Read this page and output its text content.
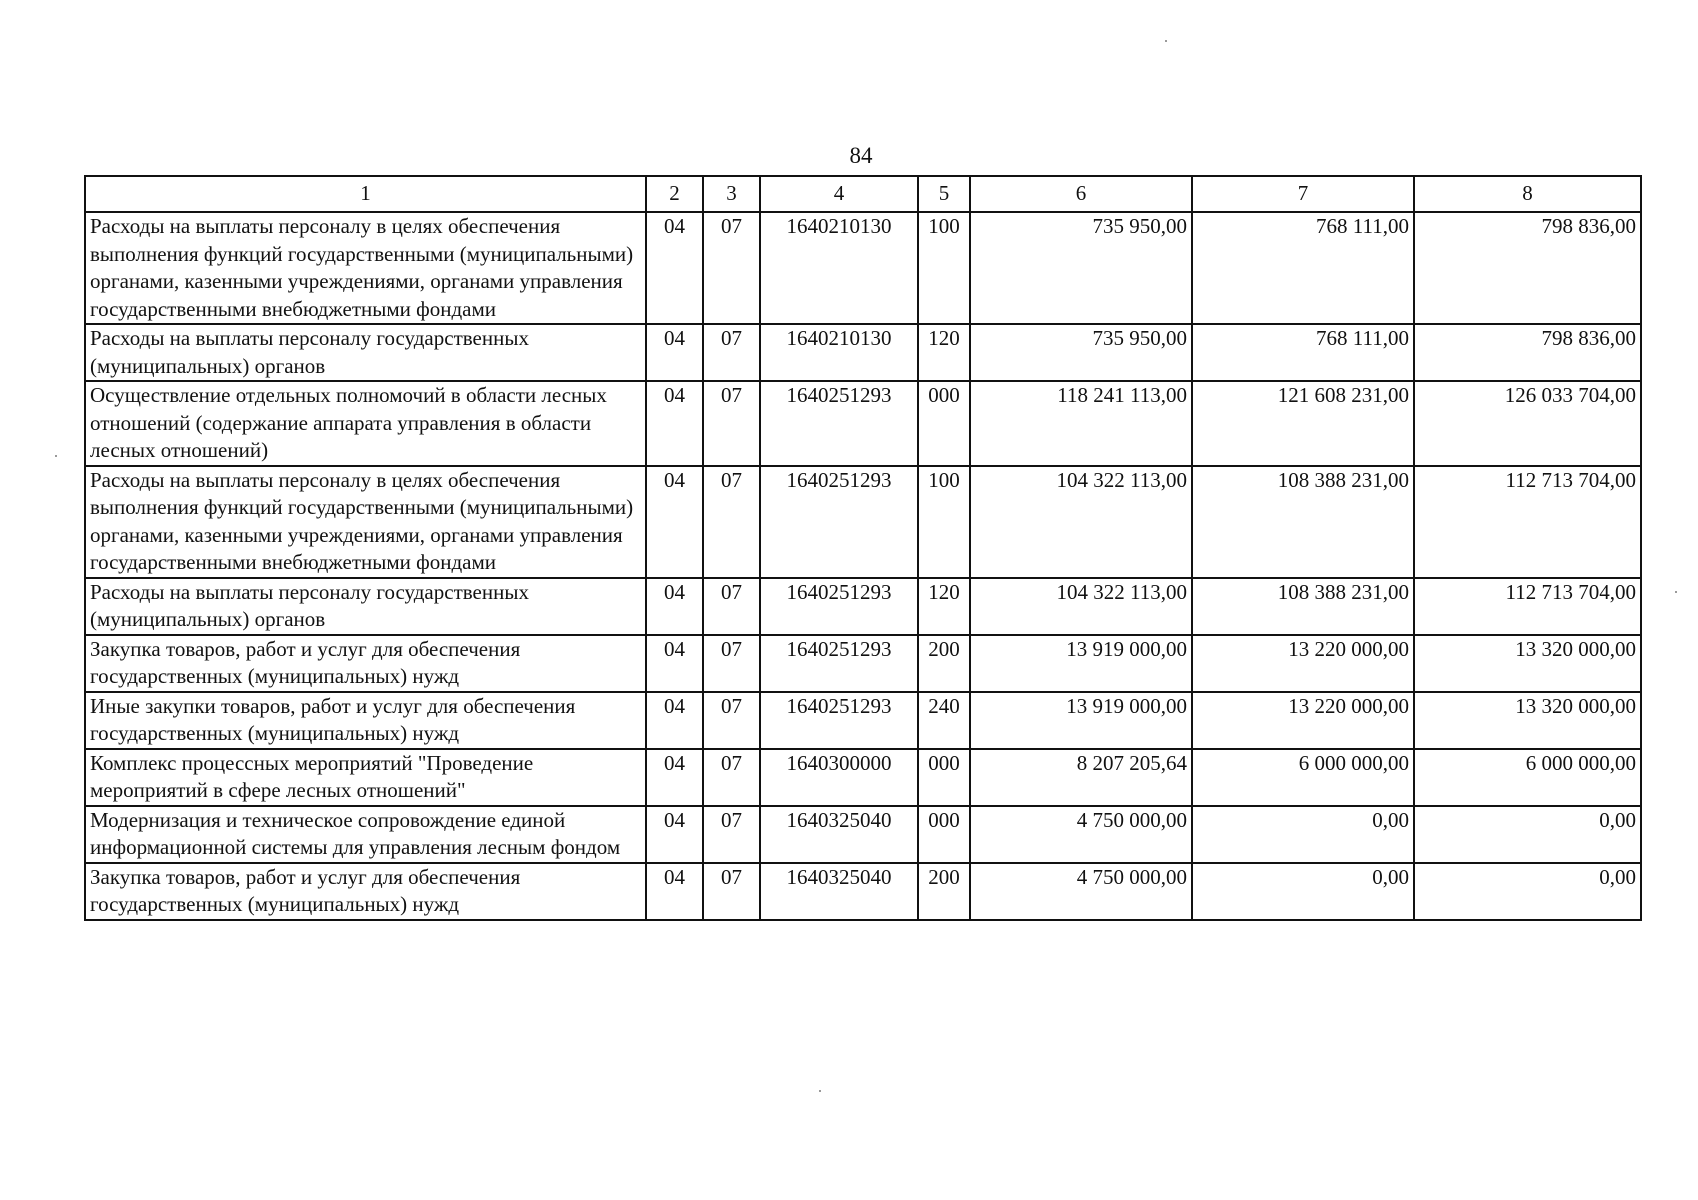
84
1	2	3	4	5	6	7	8
Расходы на выплаты персоналу в целях обеспечения выполнения функций государственными (муниципальными) органами, казенными учреждениями, органами управления государственными внебюджетными фондами	04	07	1640210130	100	735 950,00	768 111,00	798 836,00
Расходы на выплаты персоналу государственных (муниципальных) органов	04	07	1640210130	120	735 950,00	768 111,00	798 836,00
Осуществление отдельных полномочий в области лесных отношений (содержание аппарата управления в области лесных отношений)	04	07	1640251293	000	118 241 113,00	121 608 231,00	126 033 704,00
Расходы на выплаты персоналу в целях обеспечения выполнения функций государственными (муниципальными) органами, казенными учреждениями, органами управления государственными внебюджетными фондами	04	07	1640251293	100	104 322 113,00	108 388 231,00	112 713 704,00
Расходы на выплаты персоналу государственных (муниципальных) органов	04	07	1640251293	120	104 322 113,00	108 388 231,00	112 713 704,00
Закупка товаров, работ и услуг для обеспечения государственных (муниципальных) нужд	04	07	1640251293	200	13 919 000,00	13 220 000,00	13 320 000,00
Иные закупки товаров, работ и услуг для обеспечения государственных (муниципальных) нужд	04	07	1640251293	240	13 919 000,00	13 220 000,00	13 320 000,00
Комплекс процессных мероприятий "Проведение мероприятий в сфере лесных отношений"	04	07	1640300000	000	8 207 205,64	6 000 000,00	6 000 000,00
Модернизация и техническое сопровождение единой информационной системы для управления лесным фондом	04	07	1640325040	000	4 750 000,00	0,00	0,00
Закупка товаров, работ и услуг для обеспечения государственных (муниципальных) нужд	04	07	1640325040	200	4 750 000,00	0,00	0,00
